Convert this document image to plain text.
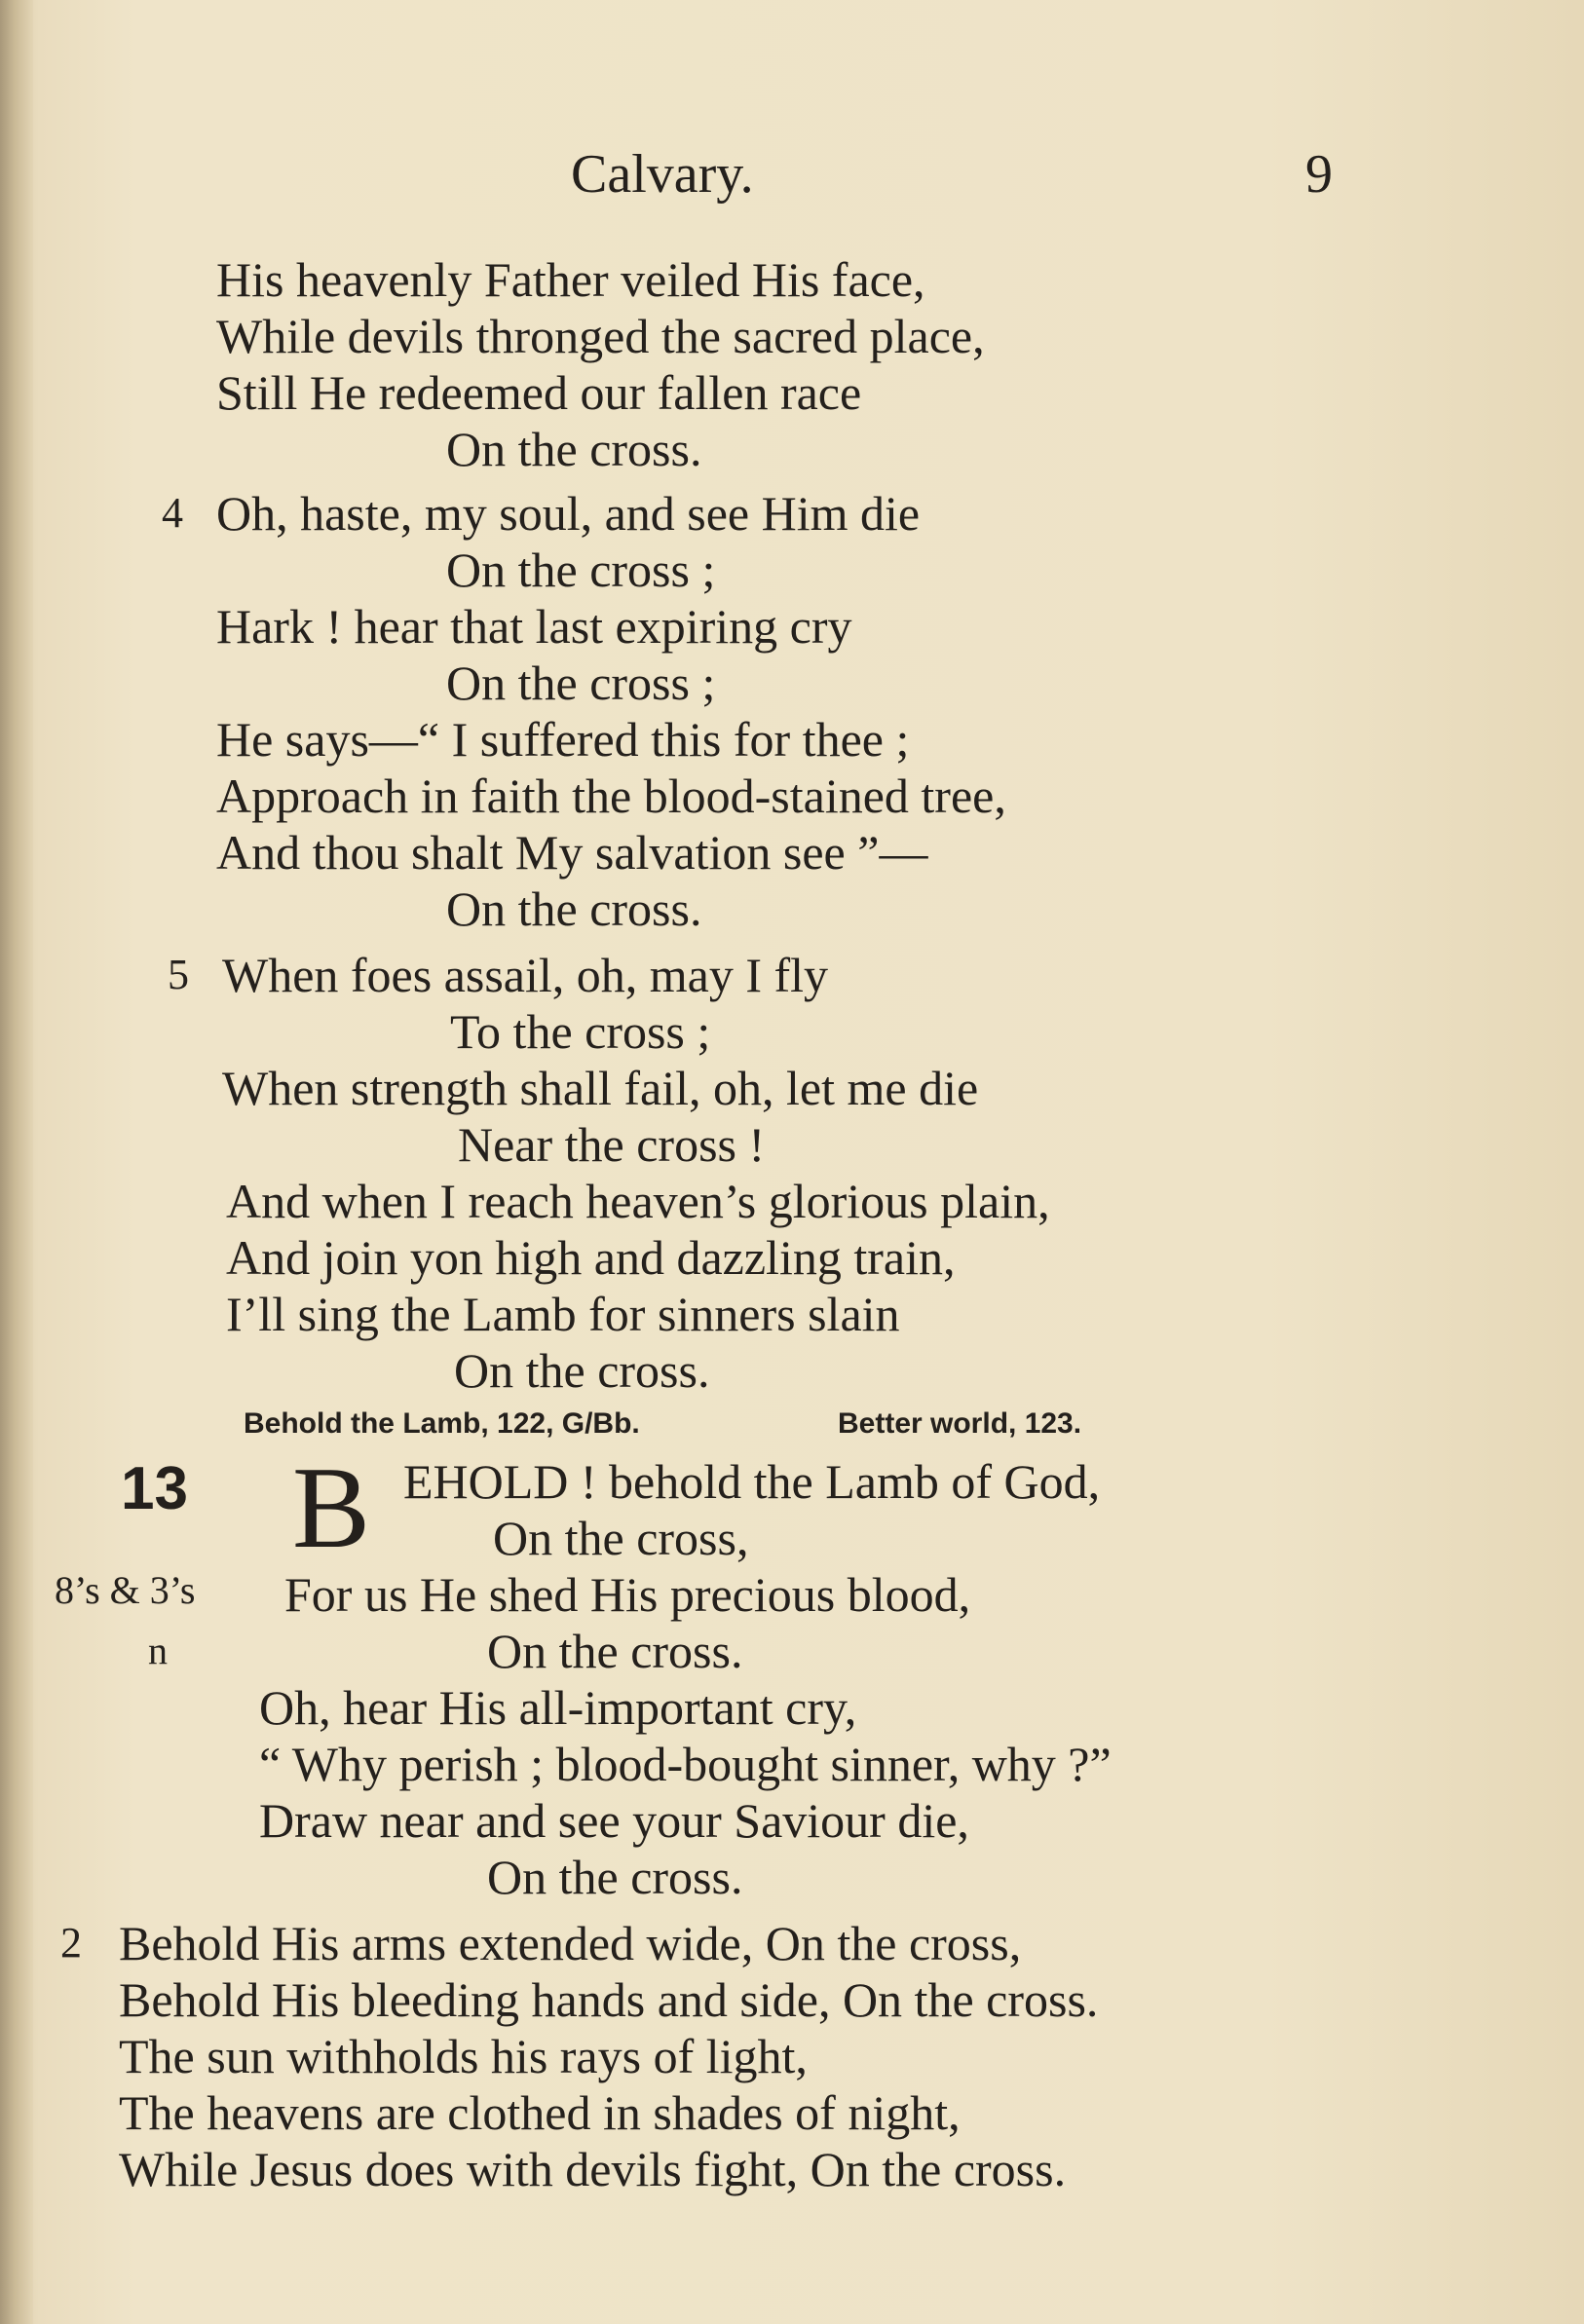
Calvary.	9
His heavenly Father veiled His face,
While devils thronged the sacred place,
Still He redeemed our fallen race
On the cross.
4 Oh, haste, my soul, and see Him die
On the cross ;
Hark ! hear that last expiring cry
On the cross ;
He says—“ I suffered this for thee ;
Approach in faith the blood-stained tree,
And thou shalt My salvation see ”—
On the cross.
5 When foes assail, oh, may I fly
To the cross ;
When strength shall fail, oh, let me die
Near the cross !
And when I reach heaven’s glorious plain,
And join yon high and dazzling train,
I’ll sing the Lamb for sinners slain
On the cross.
Behold the Lamb, 122, G/Bb.	Better world, 123.
13 B EHOLD ! behold the Lamb of God,
On the cross,
8’s & 3’s For us He shed His precious blood,
n	On the cross.
Oh, hear His all-important cry,
“ Why perish ; blood-bought sinner, why ?”
Draw near and see your Saviour die,
On the cross.
2 Behold His arms extended wide, On the cross,
Behold His bleeding hands and side, On the cross.
The sun withholds his rays of light,
The heavens are clothed in shades of night,
While Jesus does with devils fight, On the cross.
